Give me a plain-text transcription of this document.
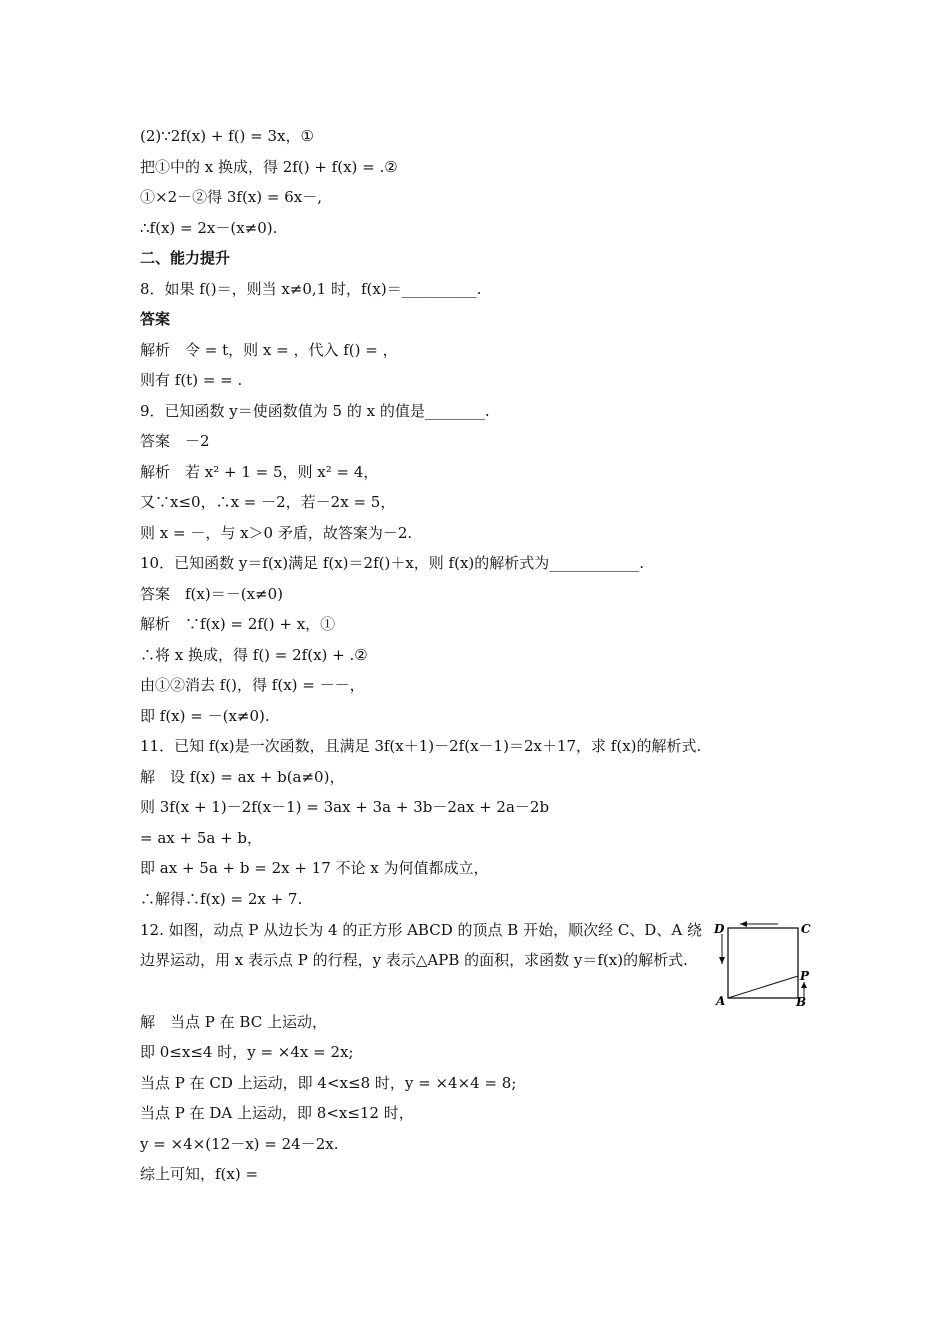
(2)∵2f(x) + f() = 3x，①
把①中的 x 换成，得 2f() + f(x) = .②
①×2－②得 3f(x) = 6x－,
∴f(x) = 2x－(x≠0).
二、能力提升
8．如果 f()＝，则当 x≠0,1 时，f(x)＝__________.
答案
解析　令 = t，则 x = ，代入 f() = ，
则有 f(t) = = .
9．已知函数 y＝使函数值为 5 的 x 的值是________.
答案　－2
解析　若 x² + 1 = 5，则 x² = 4，
又∵x≤0，∴x = －2，若－2x = 5，
则 x = －，与 x＞0 矛盾，故答案为－2.
10．已知函数 y＝f(x)满足 f(x)＝2f()＋x，则 f(x)的解析式为____________.
答案　f(x)＝－(x≠0)
解析　∵f(x) = 2f() + x，①
∴将 x 换成，得 f() = 2f(x) + .②
由①②消去 f()，得 f(x) = －－，
即 f(x) = －(x≠0).
11．已知 f(x)是一次函数，且满足 3f(x＋1)－2f(x－1)＝2x＋17，求 f(x)的解析式.
解　设 f(x) = ax + b(a≠0)，
则 3f(x + 1)－2f(x－1) = 3ax + 3a + 3b－2ax + 2a－2b
= ax + 5a + b，
即 ax + 5a + b = 2x + 17 不论 x 为何值都成立，
∴解得∴f(x) = 2x + 7.
12. 如图，动点 P 从边长为 4 的正方形 ABCD 的顶点 B 开始，顺次经 C、D、A 绕边界运动，用 x 表示点 P 的行程，y 表示△APB 的面积，求函数 y＝f(x)的解析式.
解　当点 P 在 BC 上运动，
即 0≤x≤4 时，y = ×4x = 2x;
当点 P 在 CD 上运动，即 4<x≤8 时，y = ×4×4 = 8;
当点 P 在 DA 上运动，即 8<x≤12 时，
y = ×4×(12－x) = 24－2x.
综上可知，f(x) =
D	C
A	B
P
